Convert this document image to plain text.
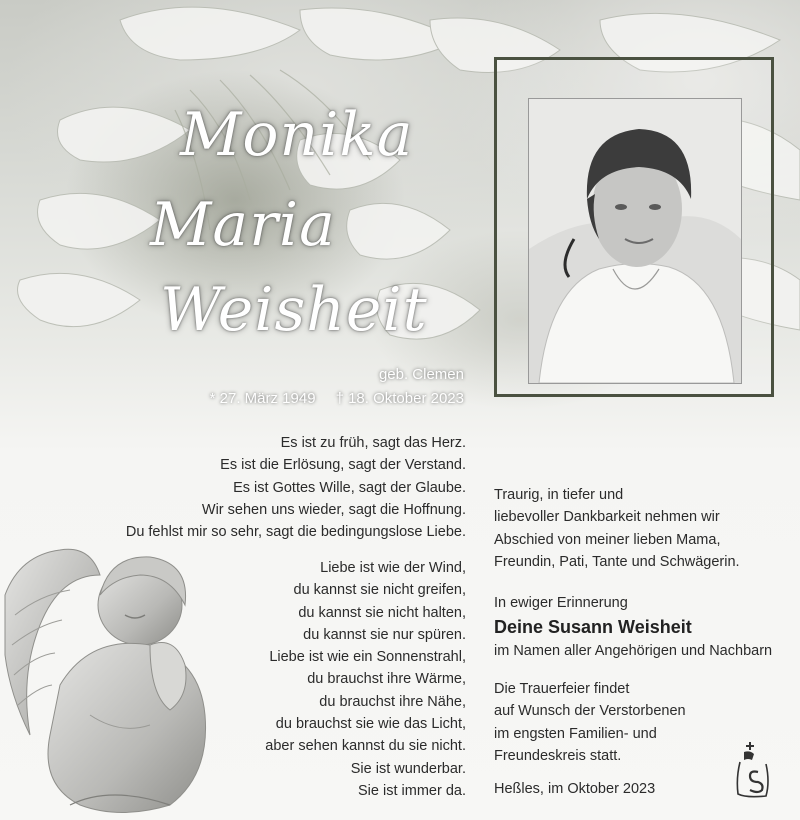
Monika
Maria
Weisheit
geb. Clemen
* 27. März 1949 † 18. Oktober 2023
Es ist zu früh, sagt das Herz.
Es ist die Erlösung, sagt der Verstand.
Es ist Gottes Wille, sagt der Glaube.
Wir sehen uns wieder, sagt die Hoffnung.
Du fehlst mir so sehr, sagt die bedingungslose Liebe.
Liebe ist wie der Wind,
du kannst sie nicht greifen,
du kannst sie nicht halten,
du kannst sie nur spüren.
Liebe ist wie ein Sonnenstrahl,
du brauchst ihre Wärme,
du brauchst ihre Nähe,
du brauchst sie wie das Licht,
aber sehen kannst du sie nicht.
Sie ist wunderbar.
Sie ist immer da.
Traurig, in tiefer und
liebevoller Dankbarkeit nehmen wir
Abschied von meiner lieben Mama,
Freundin, Pati, Tante und Schwägerin.
In ewiger Erinnerung
Deine Susann Weisheit
im Namen aller Angehörigen und Nachbarn
Die Trauerfeier findet
auf Wunsch der Verstorbenen
im engsten Familien- und
Freundeskreis statt.
Heßles, im Oktober 2023
